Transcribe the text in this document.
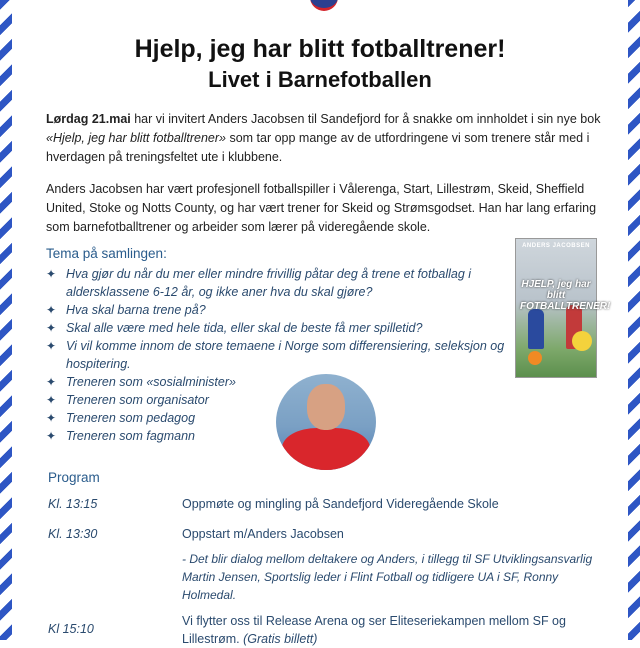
Hjelp, jeg har blitt fotballtrener!
Livet i Barnefotballen

Lørdag 21.mai har vi invitert Anders Jacobsen til Sandefjord for å snakke om innholdet i sin nye bok «Hjelp, jeg har blitt fotballtrener» som tar opp mange av de utfordringene vi som trenere står med i hverdagen på treningsfeltet ute i klubbene.

Anders Jacobsen har vært profesjonell fotballspiller i Vålerenga, Start, Lillestrøm, Skeid, Sheffield United, Stoke og Notts County, og har vært trener for Skeid og Strømsgodset. Han har lang erfaring som barnefotballtrener og arbeider som lærer på videregående skole.

Tema på samlingen:
✦ Hva gjør du når du mer eller mindre frivillig påtar deg å trene et fotballag i aldersklassene 6-12 år, og ikke aner hva du skal gjøre?
✦ Hva skal barna trene på?
✦ Skal alle være med hele tida, eller skal de beste få mer spilletid?
✦ Vi vil komme innom de store temaene i Norge som differensiering, seleksjon og hospitering.
✦ Treneren som «sosialminister»
✦ Treneren som organisator
✦ Treneren som pedagog
✦ Treneren som fagmann
ANDERS JACOBSEN
HJELP, jeg har blitt FOTBALLTRENER!
Program
Kl. 13:15	Oppmøte og mingling på Sandefjord Videregående Skole
Kl. 13:30	Oppstart m/Anders Jacobsen
- Det blir dialog mellom deltakere og Anders, i tillegg til SF Utviklingsansvarlig Martin Jensen, Sportslig leder i Flint Fotball og tidligere UA i SF, Ronny Holmedal.
Kl 15:10
Vi flytter oss til Release Arena og ser Eliteseriekampen mellom SF og Lillestrøm. (Gratis billett)
